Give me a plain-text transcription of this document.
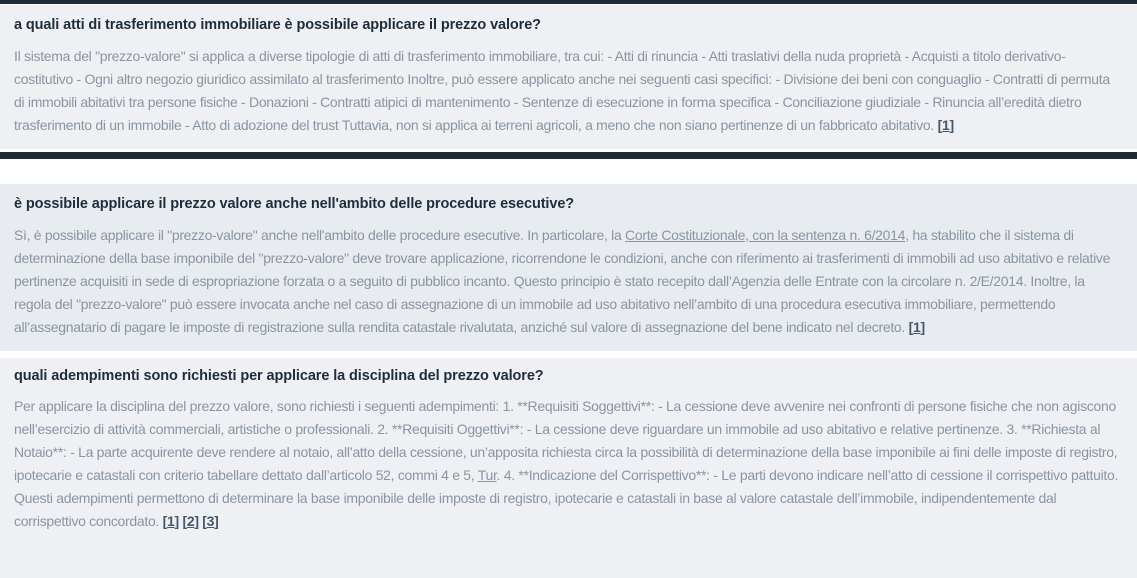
a quali atti di trasferimento immobiliare è possibile applicare il prezzo valore?

Il sistema del "prezzo-valore" si applica a diverse tipologie di atti di trasferimento immobiliare, tra cui: - Atti di rinuncia - Atti traslativi della nuda proprietà - Acquisti a titolo derivativo-costitutivo - Ogni altro negozio giuridico assimilato al trasferimento Inoltre, può essere applicato anche nei seguenti casi specifici: - Divisione dei beni con conguaglio - Contratti di permuta di immobili abitativi tra persone fisiche - Donazioni - Contratti atipici di mantenimento - Sentenze di esecuzione in forma specifica - Conciliazione giudiziale - Rinuncia all’eredità dietro trasferimento di un immobile - Atto di adozione del trust Tuttavia, non si applica ai terreni agricoli, a meno che non siano pertinenze di un fabbricato abitativo. [1]

è possibile applicare il prezzo valore anche nell'ambito delle procedure esecutive?

Sì, è possibile applicare il "prezzo-valore" anche nell'ambito delle procedure esecutive. In particolare, la Corte Costituzionale, con la sentenza n. 6/2014, ha stabilito che il sistema di determinazione della base imponibile del "prezzo-valore" deve trovare applicazione, ricorrendone le condizioni, anche con riferimento ai trasferimenti di immobili ad uso abitativo e relative pertinenze acquisiti in sede di espropriazione forzata o a seguito di pubblico incanto. Questo principio è stato recepito dall’Agenzia delle Entrate con la circolare n. 2/E/2014. Inoltre, la regola del "prezzo-valore" può essere invocata anche nel caso di assegnazione di un immobile ad uso abitativo nell’ambito di una procedura esecutiva immobiliare, permettendo all’assegnatario di pagare le imposte di registrazione sulla rendita catastale rivalutata, anziché sul valore di assegnazione del bene indicato nel decreto. [1]

quali adempimenti sono richiesti per applicare la disciplina del prezzo valore?

Per applicare la disciplina del prezzo valore, sono richiesti i seguenti adempimenti: 1. **Requisiti Soggettivi**: - La cessione deve avvenire nei confronti di persone fisiche che non agiscono nell’esercizio di attività commerciali, artistiche o professionali. 2. **Requisiti Oggettivi**: - La cessione deve riguardare un immobile ad uso abitativo e relative pertinenze. 3. **Richiesta al Notaio**: - La parte acquirente deve rendere al notaio, all’atto della cessione, un’apposita richiesta circa la possibilità di determinazione della base imponibile ai fini delle imposte di registro, ipotecarie e catastali con criterio tabellare dettato dall’articolo 52, commi 4 e 5, Tur. 4. **Indicazione del Corrispettivo**: - Le parti devono indicare nell’atto di cessione il corrispettivo pattuito. Questi adempimenti permettono di determinare la base imponibile delle imposte di registro, ipotecarie e catastali in base al valore catastale dell’immobile, indipendentemente dal corrispettivo concordato. [1] [2] [3]
